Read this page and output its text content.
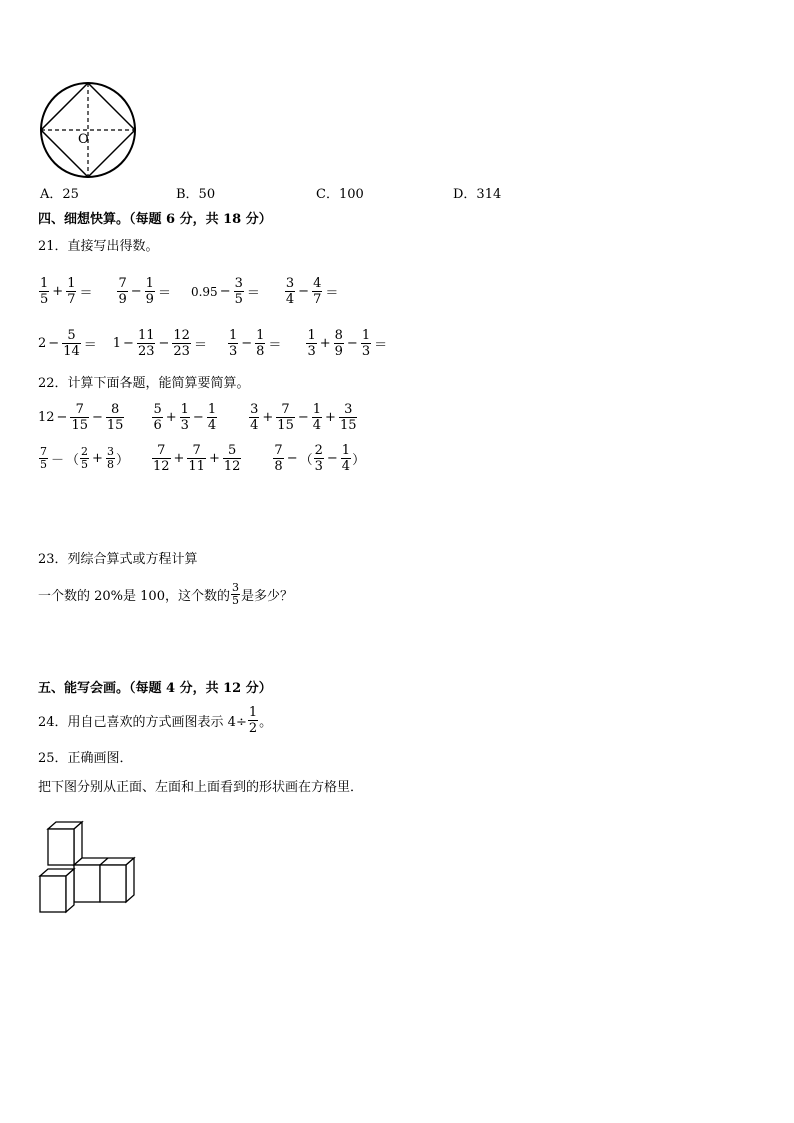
O
A．25	B．50	C．100	D．314
四、细想快算。（每题 6 分，共 18 分）
21．直接写出得数。
$\frac{1}{5} + \frac{1}{7} = \frac{7}{9} - \frac{1}{9} = 0.95 - \frac{3}{5} = \frac{3}{4} - \frac{4}{7}$ ＝
$2 - \frac{5}{14} = 1 - \frac{11}{23} - \frac{12}{23} = \frac{1}{3} - \frac{1}{8} = \frac{1}{3} + \frac{8}{9} - \frac{1}{3}$ ＝
22．计算下面各题，能简算要简算。
$12 - \frac{7}{15} - \frac{8}{15} \frac{5}{6} + \frac{1}{3} - \frac{1}{4} \frac{3}{4} + \frac{7}{15} - \frac{1}{4} + \frac{3}{15}$
$\frac{7}{5}$ － （ $\frac{2}{5} + \frac{3}{8}$ ） $\frac{7}{12} + \frac{7}{11} + \frac{5}{12} \frac{7}{8}$ − （ $\frac{2}{3} - \frac{1}{4}$ ）
23．列综合算式或方程计算
一个数的 20%是 100，这个数的 $\frac{3}{5}$ 是多少？
五、能写会画。（每题 4 分，共 12 分）
24．用自己喜欢的方式画图表示 $4\div \frac{1}{2}$ 。
25．正确画图．
把下图分别从正面、左面和上面看到的形状画在方格里．
